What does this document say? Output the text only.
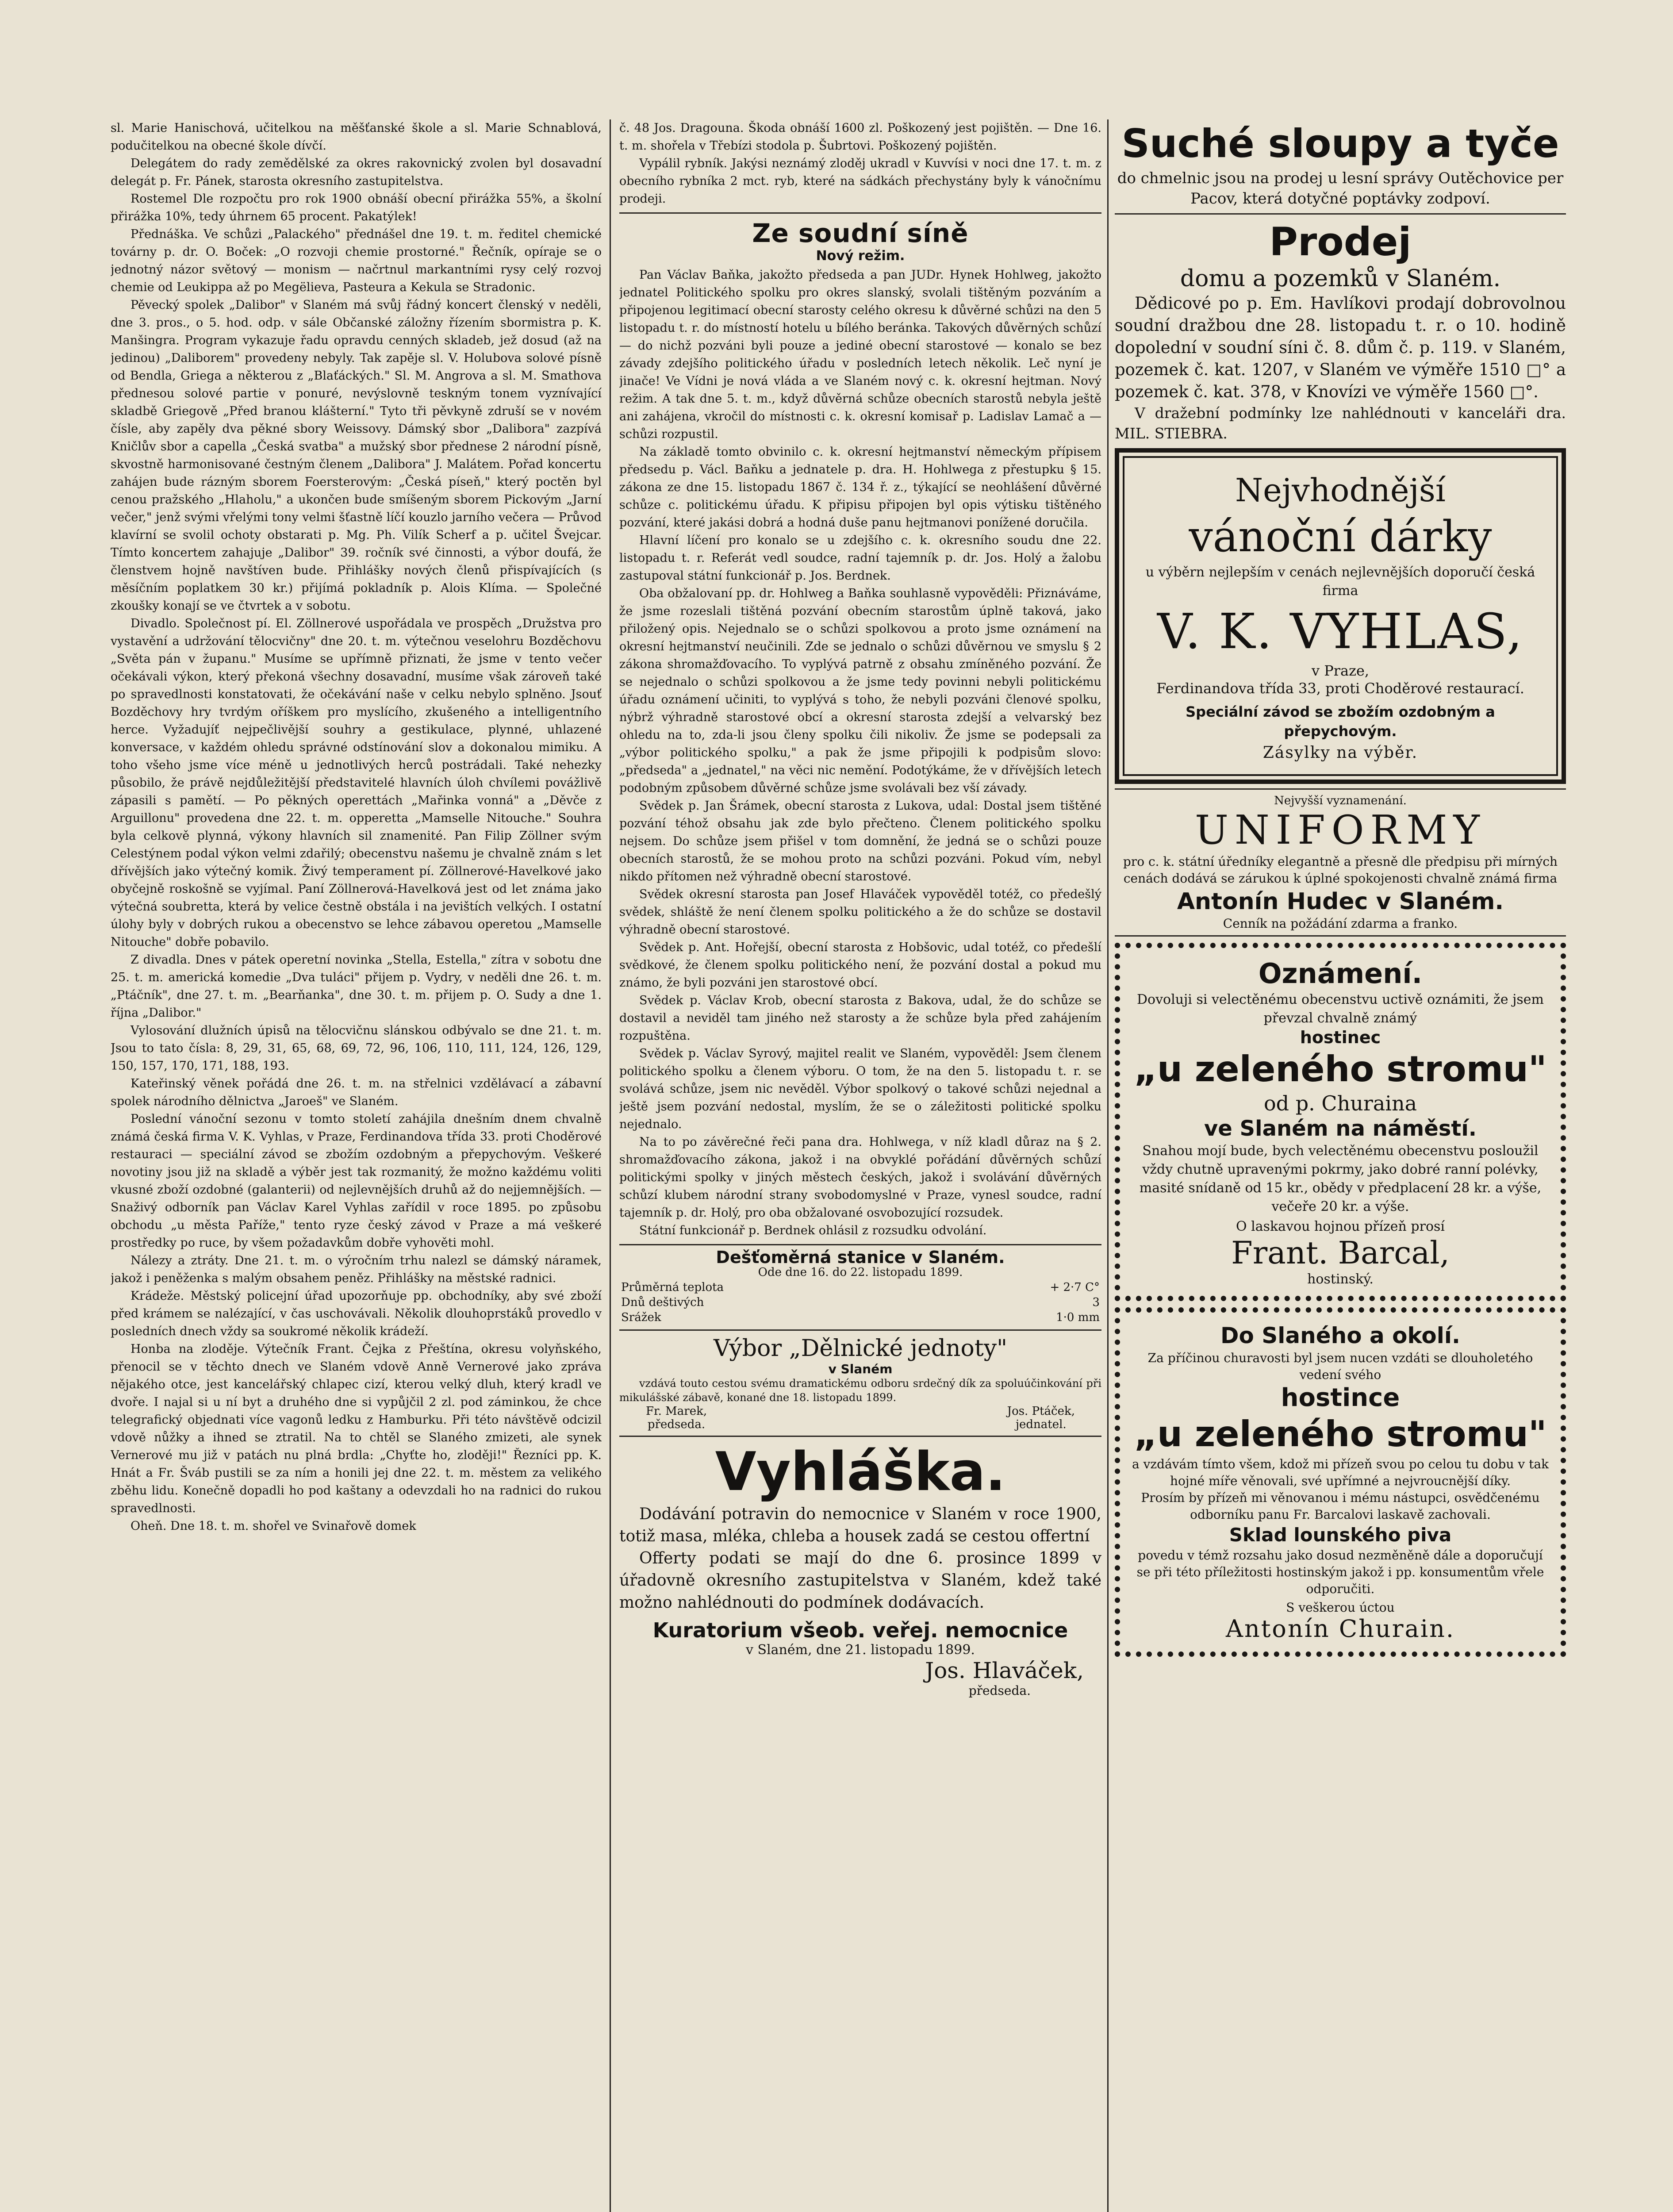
sl. Marie Hanischová, učitelkou na měšťanské škole a sl. Marie Schnablová, podučitelkou na obecné škole dívčí.

Delegátem do rady zemědělské za okres rakovnický zvolen byl dosavadní delegát p. Fr. Pánek, starosta okresního zastupitelstva.

Rostemel Dle rozpočtu pro rok 1900 obnáší obecní přirážka 55%, a školní přirážka 10%, tedy úhrnem 65 procent. Pakatýlek!

Přednáška. Ve schůzi „Palackého" přednášel dne 19. t. m. ředitel chemické továrny p. dr. O. Boček: „O rozvoji chemie prostorné." Řečník, opíraje se o jednotný názor světový — monism — načrtnul markantními rysy celý rozvoj chemie od Leukippa až po Megëlieva, Pasteura a Kekula se Stradonic.

Pěvecký spolek „Dalibor" v Slaném má svůj řádný koncert členský v neděli, dne 3. pros., o 5. hod. odp. v sále Občanské záložny řízením sbormistra p. K. Manšingra. Program vykazuje řadu opravdu cenných skladeb, jež dosud (až na jedinou) „Daliborem" provedeny nebyly. Tak zapěje sl. V. Holubova solové písně od Bendla, Griega a některou z „Blaťáckých." Sl. M. Angrova a sl. M. Smathova přednesou solové partie v ponuré, nevýslovně teskným tonem vyznívající skladbě Griegově „Před branou klášterní." Tyto tři pěvkyně zdruší se v novém čísle, aby zapěly dva pěkné sbory Weissovy. Dámský sbor „Dalibora" zazpívá Kničlův sbor a capella „Česká svatba" a mužský sbor přednese 2 národní písně, skvostně harmonisované čestným členem „Dalibora" J. Malátem. Pořad koncertu zahájen bude rázným sborem Foersterovým: „Česká píseň," který poctěn byl cenou pražského „Hlaholu," a ukončen bude smíšeným sborem Pickovým „Jarní večer," jenž svými vřelými tony velmi šťastně líčí kouzlo jarního večera — Průvod klavírní se svolil ochoty obstarati p. Mg. Ph. Vilík Scherf a p. učitel Švejcar. Tímto koncertem zahajuje „Dalibor" 39. ročník své činnosti, a výbor doufá, že členstvem hojně navštíven bude. Přihlášky nových členů přispívajících (s měsíčním poplatkem 30 kr.) přijímá pokladník p. Alois Klíma. — Společné zkoušky konají se ve čtvrtek a v sobotu.

Divadlo. Společnost pí. El. Zöllnerové uspořádala ve prospěch „Družstva pro vystavění a udržování tělocvičny" dne 20. t. m. výtečnou veselohru Bozděchovu „Světa pán v županu." Musíme se upřímně přiznati, že jsme v tento večer očekávali výkon, který překoná všechny dosavadní, musíme však zároveň také po spravedlnosti konstatovati, že očekávání naše v celku nebylo splněno. Jsouť Bozděchovy hry tvrdým oříškem pro myslícího, zkušeného a intelligentního herce. Vyžadujíť nejpečlivější souhry a gestikulace, plynné, uhlazené konversace, v každém ohledu správné odstínování slov a dokonalou mimiku. A toho všeho jsme více méně u jednotlivých herců postrádali. Také nehezky působilo, že právě nejdůležitější představitelé hlavních úloh chvílemi povážlivě zápasili s pamětí. — Po pěkných operettách „Mařinka vonná" a „Děvče z Arguillonu" provedena dne 22. t. m. opperetta „Mamselle Nitouche." Souhra byla celkově plynná, výkony hlavních sil znamenité. Pan Filip Zöllner svým Celestýnem podal výkon velmi zdařilý; obecenstvu našemu je chvalně znám s let dřívějších jako výtečný komik. Živý temperament pí. Zöllnerové-Havelkové jako obyčejně roskošně se vyjímal. Paní Zöllnerová-Havelková jest od let známa jako výtečná soubretta, která by velice čestně obstála i na jevištích velkých. I ostatní úlohy byly v dobrých rukou a obecenstvo se lehce zábavou operetou „Mamselle Nitouche" dobře pobavilo.

Z divadla. Dnes v pátek operetní novinka „Stella, Estella," zítra v sobotu dne 25. t. m. americká komedie „Dva tuláci" přijem p. Vydry, v neděli dne 26. t. m. „Ptáčník", dne 27. t. m. „Bearňanka", dne 30. t. m. přijem p. O. Sudy a dne 1. října „Dalibor."

Vylosování dlužních úpisů na tělocvičnu slánskou odbývalo se dne 21. t. m. Jsou to tato čísla: 8, 29, 31, 65, 68, 69, 72, 96, 106, 110, 111, 124, 126, 129, 150, 157, 170, 171, 188, 193.

Kateřinský věnek pořádá dne 26. t. m. na střelnici vzdělávací a zábavní spolek národního dělnictva „Jaroeš" ve Slaném.

Poslední vánoční sezonu v tomto století zahájila dnešním dnem chvalně známá česká firma V. K. Vyhlas, v Praze, Ferdinandova třída 33. proti Choděrové restauraci — speciální závod se zbožím ozdobným a přepychovým. Veškeré novotiny jsou již na skladě a výběr jest tak rozmanitý, že možno každému voliti vkusné zboží ozdobné (galanterii) od nejlevnějších druhů až do nejjemnějších. — Snaživý odborník pan Václav Karel Vyhlas zařídil v roce 1895. po způsobu obchodu „u města Paříže," tento ryze český závod v Praze a má veškeré prostředky po ruce, by všem požadavkům dobře vyhověti mohl.

Nálezy a ztráty. Dne 21. t. m. o výročním trhu nalezl se dámský náramek, jakož i peněženka s malým obsahem peněz. Přihlášky na městské radnici.

Krádeže. Městský policejní úřad upozorňuje pp. obchodníky, aby své zboží před krámem se nalézající, v čas uschovávali. Několik dlouhoprstáků provedlo v posledních dnech vždy sa soukromé několik krádeží.

Honba na zloděje. Výtečník Frant. Čejka z Přeštína, okresu volyňského, přenocil se v těchto dnech ve Slaném vdově Anně Vernerové jako zpráva nějakého otce, jest kancelářský chlapec cizí, kterou velký dluh, který kradl ve dvoře. I najal si u ní byt a druhého dne si vypůjčil 2 zl. pod záminkou, že chce telegrafický objednati více vagonů ledku z Hamburku. Při této návštěvě odcizil vdově nůžky a ihned se ztratil. Na to chtěl se Slaného zmizeti, ale synek Vernerové mu již v patách nu plná brdla: „Chyťte ho, zloději!" Řezníci pp. K. Hnát a Fr. Šváb pustili se za ním a honili jej dne 22. t. m. městem za velikého zběhu lidu. Konečně dopadli ho pod kaštany a odevzdali ho na radnici do rukou spravedlnosti.

Oheň. Dne 18. t. m. shořel ve Svinařově domek

č. 48 Jos. Dragouna. Škoda obnáší 1600 zl. Poškozený jest pojištěn. — Dne 16. t. m. shořela v Třebízi stodola p. Šubrtovi. Poškozený pojištěn.

Vypálil rybník. Jakýsi neznámý zloděj ukradl v Kuvvísi v noci dne 17. t. m. z obecního rybníka 2 mct. ryb, které na sádkách přechystány byly k vánočnímu prodeji.

Ze soudní síně
Nový režim.

Pan Václav Baňka, jakožto předseda a pan JUDr. Hynek Hohlweg, jakožto jednatel Politického spolku pro okres slanský, svolali tištěným pozváním a připojenou legitimací obecní starosty celého okresu k důvěrné schůzi na den 5 listopadu t. r. do místností hotelu u bílého beránka. Takových důvěrných schůzí — do nichž pozváni byli pouze a jediné obecní starostové — konalo se bez závady zdejšího politického úřadu v posledních letech několik. Leč nyní je jinače! Ve Vídni je nová vláda a ve Slaném nový c. k. okresní hejtman. Nový režim. A tak dne 5. t. m., když důvěrná schůze obecních starostů nebyla ještě ani zahájena, vkročil do místnosti c. k. okresní komisař p. Ladislav Lamač a — schůzi rozpustil.

Na základě tomto obvinilo c. k. okresní hejtmanství německým přípisem předsedu p. Václ. Baňku a jednatele p. dra. H. Hohlwega z přestupku § 15. zákona ze dne 15. listopadu 1867 č. 134 ř. z., týkající se neohlášení důvěrné schůze c. politickému úřadu. K připisu připojen byl opis výtisku tištěného pozvání, které jakási dobrá a hodná duše panu hejtmanovi ponížené doručila.

Hlavní líčení pro konalo se u zdejšího c. k. okresního soudu dne 22. listopadu t. r. Referát vedl soudce, radní tajemník p. dr. Jos. Holý a žalobu zastupoval státní funkcionář p. Jos. Berdnek.

Oba obžalovaní pp. dr. Hohlweg a Baňka souhlasně vypověděli: Přiznáváme, že jsme rozeslali tištěná pozvání obecním starostům úplně taková, jako přiložený opis. Nejednalo se o schůzi spolkovou a proto jsme oznámení na okresní hejtmanství neučinili. Zde se jednalo o schůzi důvěrnou ve smyslu § 2 zákona shromažďovacího. To vyplývá patrně z obsahu zmíněného pozvání. Že se nejednalo o schůzi spolkovou a že jsme tedy povinni nebyli politickému úřadu oznámení učiniti, to vyplývá s toho, že nebyli pozváni členové spolku, nýbrž výhradně starostové obcí a okresní starosta zdejší a velvarský bez ohledu na to, zda-li jsou členy spolku čili nikoliv. Že jsme se podepsali za „výbor politického spolku," a pak že jsme připojili k podpisům slovo: „předseda" a „jednatel," na věci nic nemění. Podotýkáme, že v dřívějších letech podobným způsobem důvěrné schůze jsme svolávali bez vší závady.

Svědek p. Jan Šrámek, obecní starosta z Lukova, udal: Dostal jsem tištěné pozvání téhož obsahu jak zde bylo přečteno. Členem politického spolku nejsem. Do schůze jsem přišel v tom domnění, že jedná se o schůzi pouze obecních starostů, že se mohou proto na schůzi pozváni. Pokud vím, nebyl nikdo přítomen než výhradně obecní starostové.

Svědek okresní starosta pan Josef Hlaváček vypověděl totéž, co předešlý svědek, shláště že není členem spolku politického a že do schůze se dostavil výhradně obecní starostové.

Svědek p. Ant. Hořejší, obecní starosta z Hobšovic, udal totéž, co předešlí svědkové, že členem spolku politického není, že pozvání dostal a pokud mu známo, že byli pozváni jen starostové obcí.

Svědek p. Václav Krob, obecní starosta z Bakova, udal, že do schůze se dostavil a neviděl tam jiného než starosty a že schůze byla před zahájením rozpuštěna.

Svědek p. Václav Syrový, majitel realit ve Slaném, vypověděl: Jsem členem politického spolku a členem výboru. O tom, že na den 5. listopadu t. r. se svolává schůze, jsem nic nevěděl. Výbor spolkový o takové schůzi nejednal a ještě jsem pozvání nedostal, myslím, že se o záležitosti politické spolku nejednalo.

Na to po závěrečné řeči pana dra. Hohlwega, v níž kladl důraz na § 2. shromažďovacího zákona, jakož i na obvyklé pořádání důvěrných schůzí politickými spolky v jiných městech českých, jakož i svolávání důvěrných schůzí klubem národní strany svobodomyslné v Praze, vynesl soudce, radní tajemník p. dr. Holý, pro oba obžalované osvobozující rozsudek.

Státní funkcionář p. Berdnek ohlásil z rozsudku odvolání.

Dešťoměrná stanice v Slaném.
Ode dne 16. do 22. listopadu 1899.
Průměrná teplota	+ 2·7 C°
Dnů deštivých	3
Srážek	1·0 mm
Výbor „Dělnické jednoty"
v Slaném

vzdává touto cestou svému dramatickému odboru srdečný dík za spoluúčinkování při mikulášské zábavě, konané dne 18. listopadu 1899.

Fr. Marek,
předseda.
Jos. Ptáček,
jednatel.
Vyhláška.

Dodávání potravin do nemocnice v Slaném v roce 1900, totiž masa, mléka, chleba a housek zadá se cestou offertní

Offerty podati se mají do dne 6. prosince 1899 v úřadovně okresního zastupitelstva v Slaném, kdež také možno nahlédnouti do podmínek dodávacích.

Kuratorium všeob. veřej. nemocnice
v Slaném, dne 21. listopadu 1899.
Jos. Hlaváček,
předseda.
Suché sloupy a tyče
do chmelnic jsou na prodej u lesní správy Outěchovice per Pacov, která dotyčné poptávky zodpoví.
Prodej
domu a pozemků v Slaném.

Dědicové po p. Em. Havlíkovi prodají dobrovolnou soudní dražbou dne 28. listopadu t. r. o 10. hodině dopolední v soudní síni č. 8. dům č. p. 119. v Slaném, pozemek č. kat. 1207, v Slaném ve výměře 1510 □° a pozemek č. kat. 378, v Knovízi ve výměře 1560 □°.

V dražební podmínky lze nahlédnouti v kanceláři dra. MIL. STIEBRA.

Nejvhodnější
vánoční dárky
u výběrn nejlepším v cenách nejlevnějších doporučí česká firma
V. K. VYHLAS,
v Praze,
Ferdinandova třída 33, proti Choděrové restaurací.
Speciální závod se zbožím ozdobným a přepychovým.
Zásylky na výběr.
Nejvyšší vyznamenání.
UNIFORMY
pro c. k. státní úředníky elegantně a přesně dle předpisu při mírných cenách dodává se zárukou k úplné spokojenosti chvalně známá firma
Antonín Hudec v Slaném.
Cenník na požádání zdarma a franko.
Oznámení.
Dovoluji si velectěnému obecenstvu uctivě oznámiti, že jsem převzal chvalně známý
hostinec
„u zeleného stromu"
od p. Churaina
ve Slaném na náměstí.
Snahou mojí bude, bych velectěnému obecenstvu posloužil vždy chutně upravenými pokrmy, jako dobré ranní polévky, masité snídaně od 15 kr., obědy v předplacení 28 kr. a výše, večeře 20 kr. a výše.
O laskavou hojnou přízeň prosí
Frant. Barcal,
hostinský.
Do Slaného a okolí.
Za příčinou churavosti byl jsem nucen vzdáti se dlouholetého vedení svého
hostince
„u zeleného stromu"
a vzdávám tímto všem, kdož mi přízeň svou po celou tu dobu v tak hojné míře věnovali, své upřímné a nejvroucnější díky.
Prosím by přízeň mi věnovanou i mému nástupci, osvědčenému odborníku panu Fr. Barcalovi laskavě zachovali.
Sklad lounského piva
povedu v témž rozsahu jako dosud nezměněně dále a doporučují se při této příležitosti hostinským jakož i pp. konsumentům vřele odporučiti.
S veškerou úctou
Antonín Churain.
